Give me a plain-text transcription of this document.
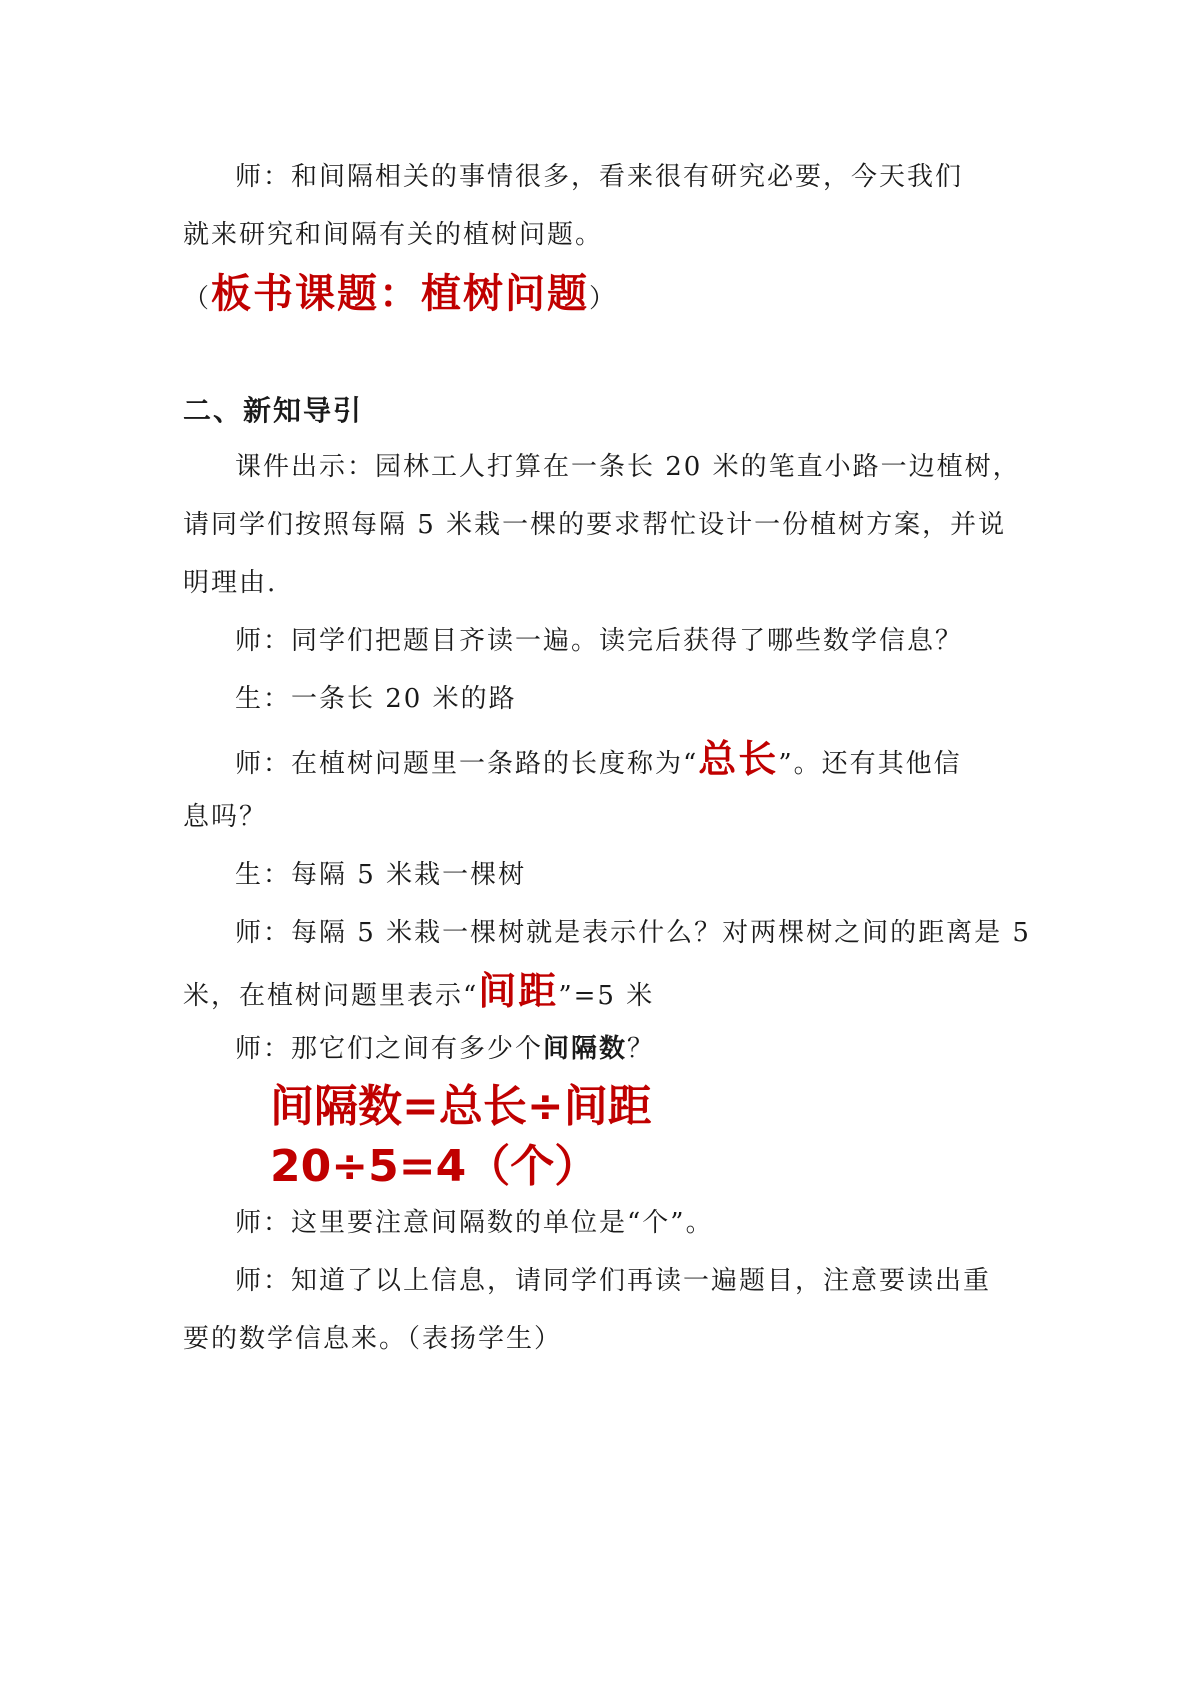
师：和间隔相关的事情很多，看来很有研究必要，今天我们
就来研究和间隔有关的植树问题。
（板书课题：植树问题）
二、新知导引
课件出示：园林工人打算在一条长 20 米的笔直小路一边植树，
请同学们按照每隔 5 米栽一棵的要求帮忙设计一份植树方案，并说
明理由.
师：同学们把题目齐读一遍。读完后获得了哪些数学信息？
生：一条长 20 米的路
师：在植树问题里一条路的长度称为“总长”。还有其他信
息吗？
生：每隔 5 米栽一棵树
师：每隔 5 米栽一棵树就是表示什么？对两棵树之间的距离是 5
米，在植树问题里表示“间距”=5 米
师：那它们之间有多少个间隔数？
间隔数=总长÷间距
20÷5=4（个）
师：这里要注意间隔数的单位是“个”。
师：知道了以上信息，请同学们再读一遍题目，注意要读出重
要的数学信息来。（表扬学生）
